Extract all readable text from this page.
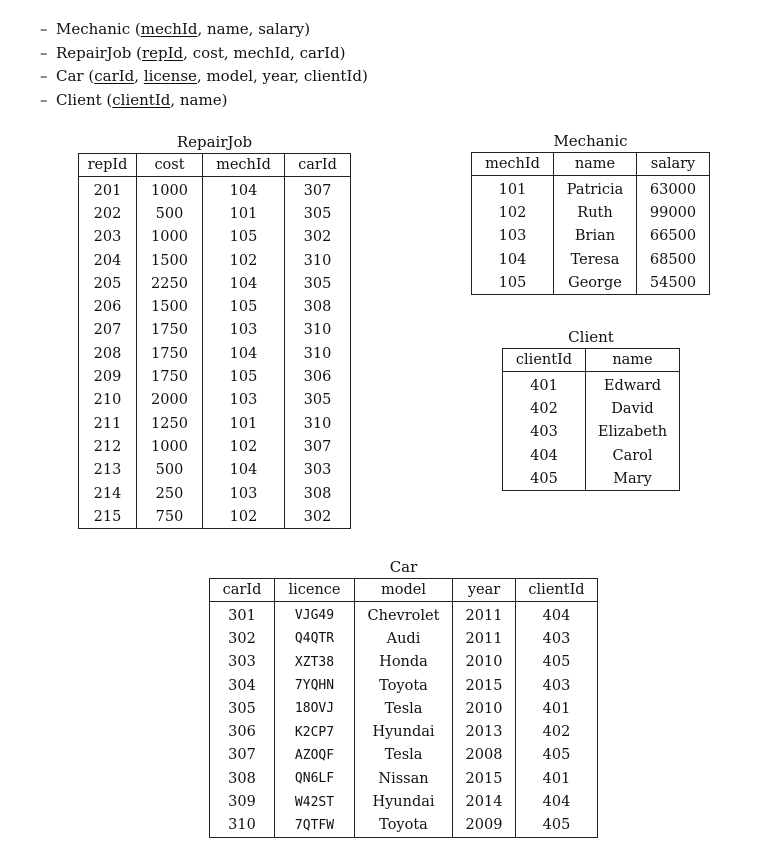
– Mechanic (mechId, name, salary)
– RepairJob (repId, cost, mechId, carId)
– Car (carId, license, model, year, clientId)
– Client (clientId, name)
RepairJob
repId	cost	mechId	carId
201	1000	104	307
202	500	101	305
203	1000	105	302
204	1500	102	310
205	2250	104	305
206	1500	105	308
207	1750	103	310
208	1750	104	310
209	1750	105	306
210	2000	103	305
211	1250	101	310
212	1000	102	307
213	500	104	303
214	250	103	308
215	750	102	302
Mechanic
mechId	name	salary
101	Patricia	63000
102	Ruth	99000
103	Brian	66500
104	Teresa	68500
105	George	54500
Client
clientId	name
401	Edward
402	David
403	Elizabeth
404	Carol
405	Mary
Car
carId	licence	model	year	clientId
301	VJG49	Chevrolet	2011	404
302	Q4QTR	Audi	2011	403
303	XZT38	Honda	2010	405
304	7YQHN	Toyota	2015	403
305	18OVJ	Tesla	2010	401
306	K2CP7	Hyundai	2013	402
307	AZOQF	Tesla	2008	405
308	QN6LF	Nissan	2015	401
309	W42ST	Hyundai	2014	404
310	7QTFW	Toyota	2009	405
